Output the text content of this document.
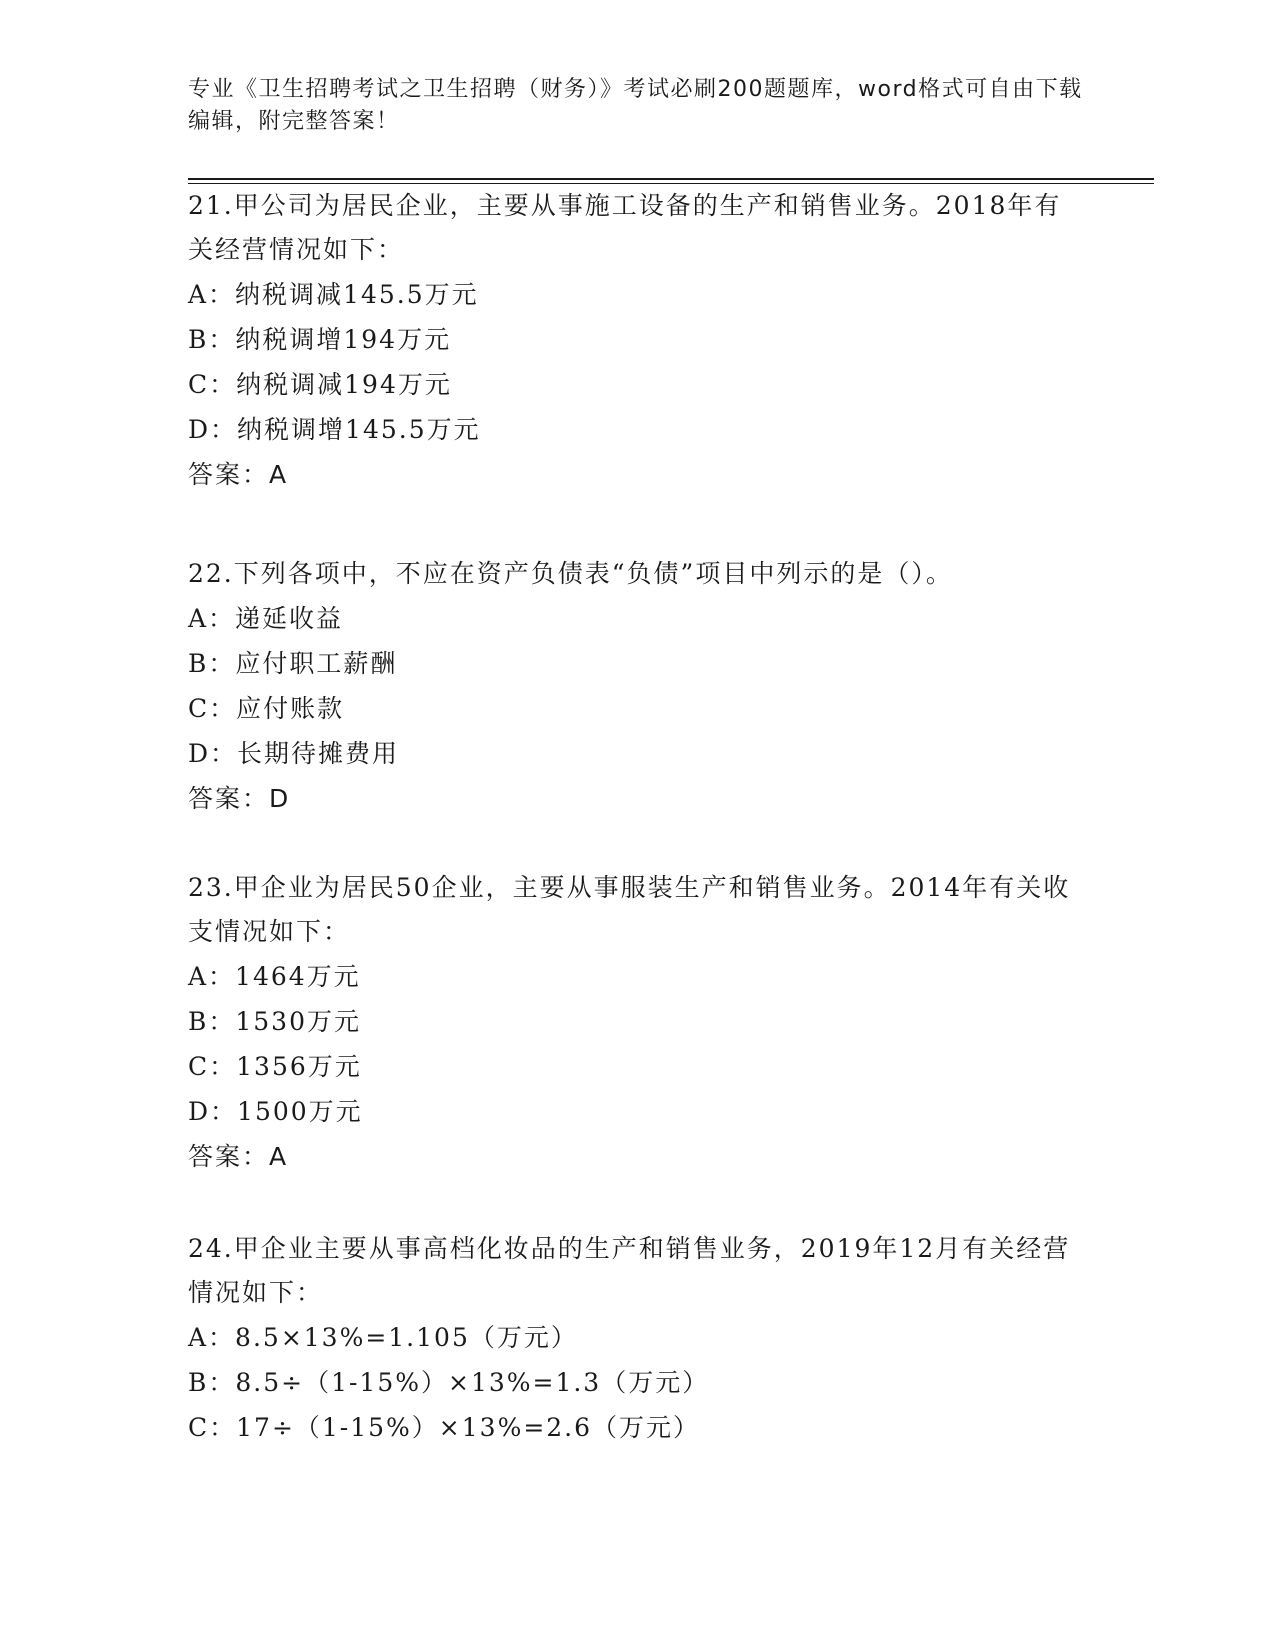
专业《卫生招聘考试之卫生招聘（财务）》考试必刷200题题库，word格式可自由下载编辑，附完整答案！

21.甲公司为居民企业，主要从事施工设备的生产和销售业务。2018年有关经营情况如下：

A：纳税调减145.5万元

B：纳税调增194万元

C：纳税调减194万元

D：纳税调增145.5万元

答案：A

22.下列各项中，不应在资产负债表“负债”项目中列示的是（）。

A：递延收益

B：应付职工薪酬

C：应付账款

D：长期待摊费用

答案：D

23.甲企业为居民50企业，主要从事服装生产和销售业务。2014年有关收支情况如下：

A：1464万元

B：1530万元

C：1356万元

D：1500万元

答案：A

24.甲企业主要从事高档化妆品的生产和销售业务，2019年12月有关经营情况如下：

A：8.5×13%=1.105（万元）

B：8.5÷（1-15%）×13%=1.3（万元）

C：17÷（1-15%）×13%=2.6（万元）
